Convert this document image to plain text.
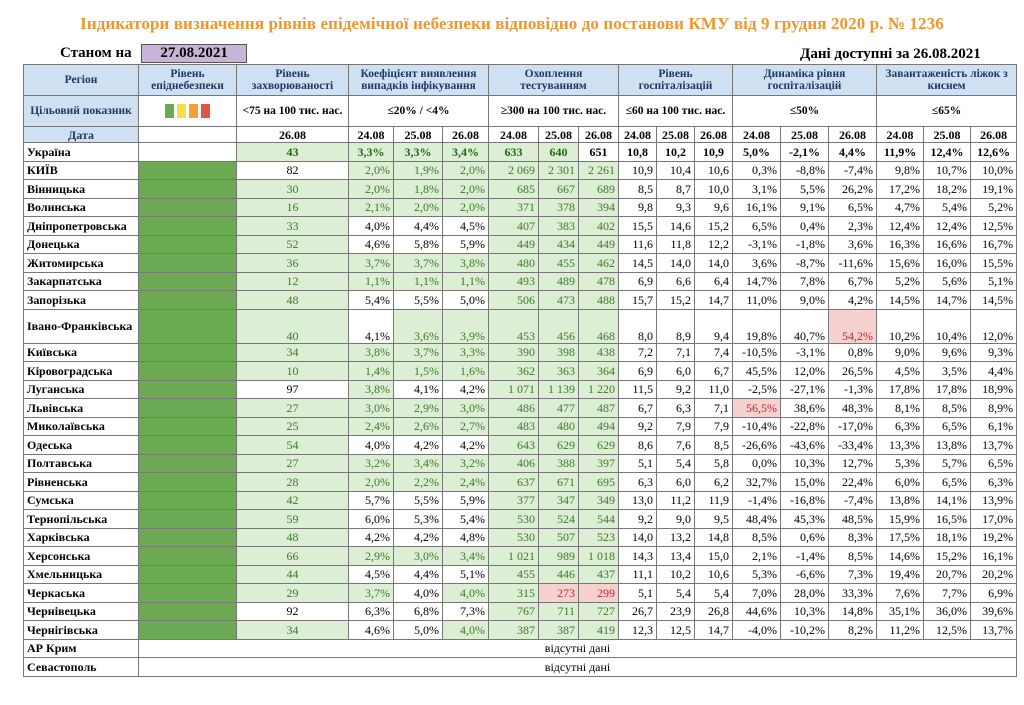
Індикатори визначення рівнів епідемічної небезпеки відповідно до постанови КМУ від 9 грудня 2020 р. № 1236
Станом на 27.08.2021	Дані доступні за 26.08.2021
Регіон	Рівень епіднебезпеки	Рівень захворюваності	Коефіцієнт виявлення випадків інфікування			Охоплення тестуванням			Рівень госпіталізацій			Динаміка рівня госпіталізацій			Завантаженість ліжок з киснем		
Цільовий показник		<75 на 100 тис. нас.	≤20% / <4%			≥300 на 100 тис. нас.			≤60 на 100 тис. нас.			≤50%			≤65%		
Дата		26.08	24.08	25.08	26.08	24.08	25.08	26.08	24.08	25.08	26.08	24.08	25.08	26.08	24.08	25.08	26.08
Україна		43	3,3%	3,3%	3,4%	633	640	651	10,8	10,2	10,9	5,0%	-2,1%	4,4%	11,9%	12,4%	12,6%
КИЇВ		82	2,0%	1,9%	2,0%	2 069	2 301	2 261	10,9	10,4	10,6	0,3%	-8,8%	-7,4%	9,8%	10,7%	10,0%
Вінницька		30	2,0%	1,8%	2,0%	685	667	689	8,5	8,7	10,0	3,1%	5,5%	26,2%	17,2%	18,2%	19,1%
Волинська		16	2,1%	2,0%	2,0%	371	378	394	9,8	9,3	9,6	16,1%	9,1%	6,5%	4,7%	5,4%	5,2%
Дніпропетровська		33	4,0%	4,4%	4,5%	407	383	402	15,5	14,6	15,2	6,5%	0,4%	2,3%	12,4%	12,4%	12,5%
Донецька		52	4,6%	5,8%	5,9%	449	434	449	11,6	11,8	12,2	-3,1%	-1,8%	3,6%	16,3%	16,6%	16,7%
Житомирська		36	3,7%	3,7%	3,8%	480	455	462	14,5	14,0	14,0	3,6%	-8,7%	-11,6%	15,6%	16,0%	15,5%
Закарпатська		12	1,1%	1,1%	1,1%	493	489	478	6,9	6,6	6,4	14,7%	7,8%	6,7%	5,2%	5,6%	5,1%
Запорізька		48	5,4%	5,5%	5,0%	506	473	488	15,7	15,2	14,7	11,0%	9,0%	4,2%	14,5%	14,7%	14,5%
Івано-Франківська		40	4,1%	3,6%	3,9%	453	456	468	8,0	8,9	9,4	19,8%	40,7%	54,2%	10,2%	10,4%	12,0%
Київська		34	3,8%	3,7%	3,3%	390	398	438	7,2	7,1	7,4	-10,5%	-3,1%	0,8%	9,0%	9,6%	9,3%
Кіровоградська		10	1,4%	1,5%	1,6%	362	363	364	6,9	6,0	6,7	45,5%	12,0%	26,5%	4,5%	3,5%	4,4%
Луганська		97	3,8%	4,1%	4,2%	1 071	1 139	1 220	11,5	9,2	11,0	-2,5%	-27,1%	-1,3%	17,8%	17,8%	18,9%
Львівська		27	3,0%	2,9%	3,0%	486	477	487	6,7	6,3	7,1	56,5%	38,6%	48,3%	8,1%	8,5%	8,9%
Миколаївська		25	2,4%	2,6%	2,7%	483	480	494	9,2	7,9	7,9	-10,4%	-22,8%	-17,0%	6,3%	6,5%	6,1%
Одеська		54	4,0%	4,2%	4,2%	643	629	629	8,6	7,6	8,5	-26,6%	-43,6%	-33,4%	13,3%	13,8%	13,7%
Полтавська		27	3,2%	3,4%	3,2%	406	388	397	5,1	5,4	5,8	0,0%	10,3%	12,7%	5,3%	5,7%	6,5%
Рівненська		28	2,0%	2,2%	2,4%	637	671	695	6,3	6,0	6,2	32,7%	15,0%	22,4%	6,0%	6,5%	6,3%
Сумська		42	5,7%	5,5%	5,9%	377	347	349	13,0	11,2	11,9	-1,4%	-16,8%	-7,4%	13,8%	14,1%	13,9%
Тернопільська		59	6,0%	5,3%	5,4%	530	524	544	9,2	9,0	9,5	48,4%	45,3%	48,5%	15,9%	16,5%	17,0%
Харківська		48	4,2%	4,2%	4,8%	530	507	523	14,0	13,2	14,8	8,5%	0,6%	8,3%	17,5%	18,1%	19,2%
Херсонська		66	2,9%	3,0%	3,4%	1 021	989	1 018	14,3	13,4	15,0	2,1%	-1,4%	8,5%	14,6%	15,2%	16,1%
Хмельницька		44	4,5%	4,4%	5,1%	455	446	437	11,1	10,2	10,6	5,3%	-6,6%	7,3%	19,4%	20,7%	20,2%
Черкаська		29	3,7%	4,0%	4,0%	315	273	299	5,1	5,4	5,4	7,0%	28,0%	33,3%	7,6%	7,7%	6,9%
Чернівецька		92	6,3%	6,8%	7,3%	767	711	727	26,7	23,9	26,8	44,6%	10,3%	14,8%	35,1%	36,0%	39,6%
Чернігівська		34	4,6%	5,0%	4,0%	387	387	419	12,3	12,5	14,7	-4,0%	-10,2%	8,2%	11,2%	12,5%	13,7%
АР Крим	відсутні дані																
Севастополь	відсутні дані																
